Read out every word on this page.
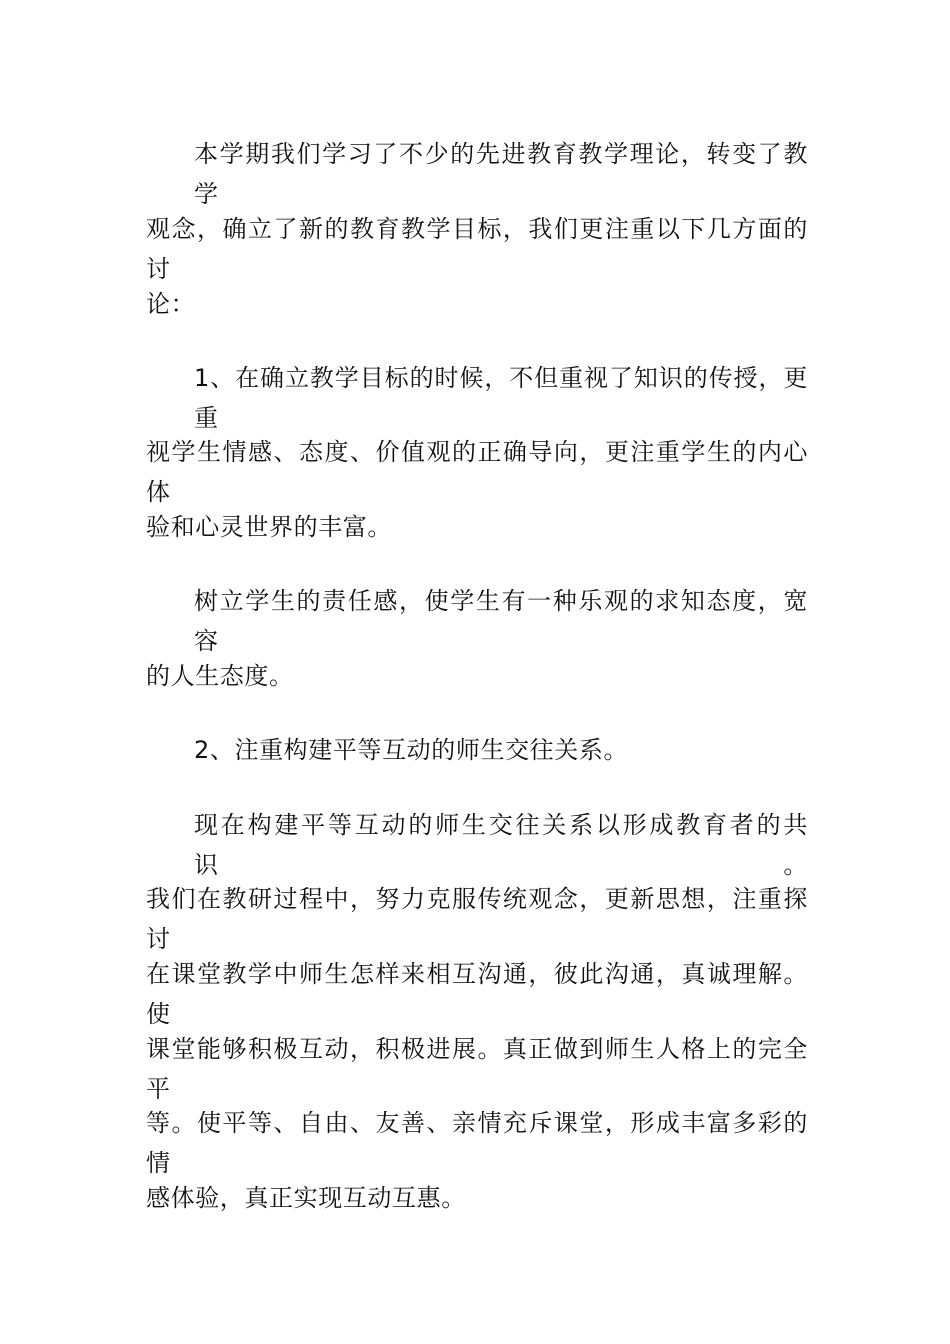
本学期我们学习了不少的先进教育教学理论，转变了教学
观念，确立了新的教育教学目标，我们更注重以下几方面的讨
论：
1、在确立教学目标的时候，不但重视了知识的传授，更重
视学生情感、态度、价值观的正确导向，更注重学生的内心体
验和心灵世界的丰富。
树立学生的责任感，使学生有一种乐观的求知态度，宽容
的人生态度。
2、注重构建平等互动的师生交往关系。
现在构建平等互动的师生交往关系以形成教育者的共识。
我们在教研过程中，努力克服传统观念，更新思想，注重探讨
在课堂教学中师生怎样来相互沟通，彼此沟通，真诚理解。使
课堂能够积极互动，积极进展。真正做到师生人格上的完全平
等。使平等、自由、友善、亲情充斥课堂，形成丰富多彩的情
感体验，真正实现互动互惠。
